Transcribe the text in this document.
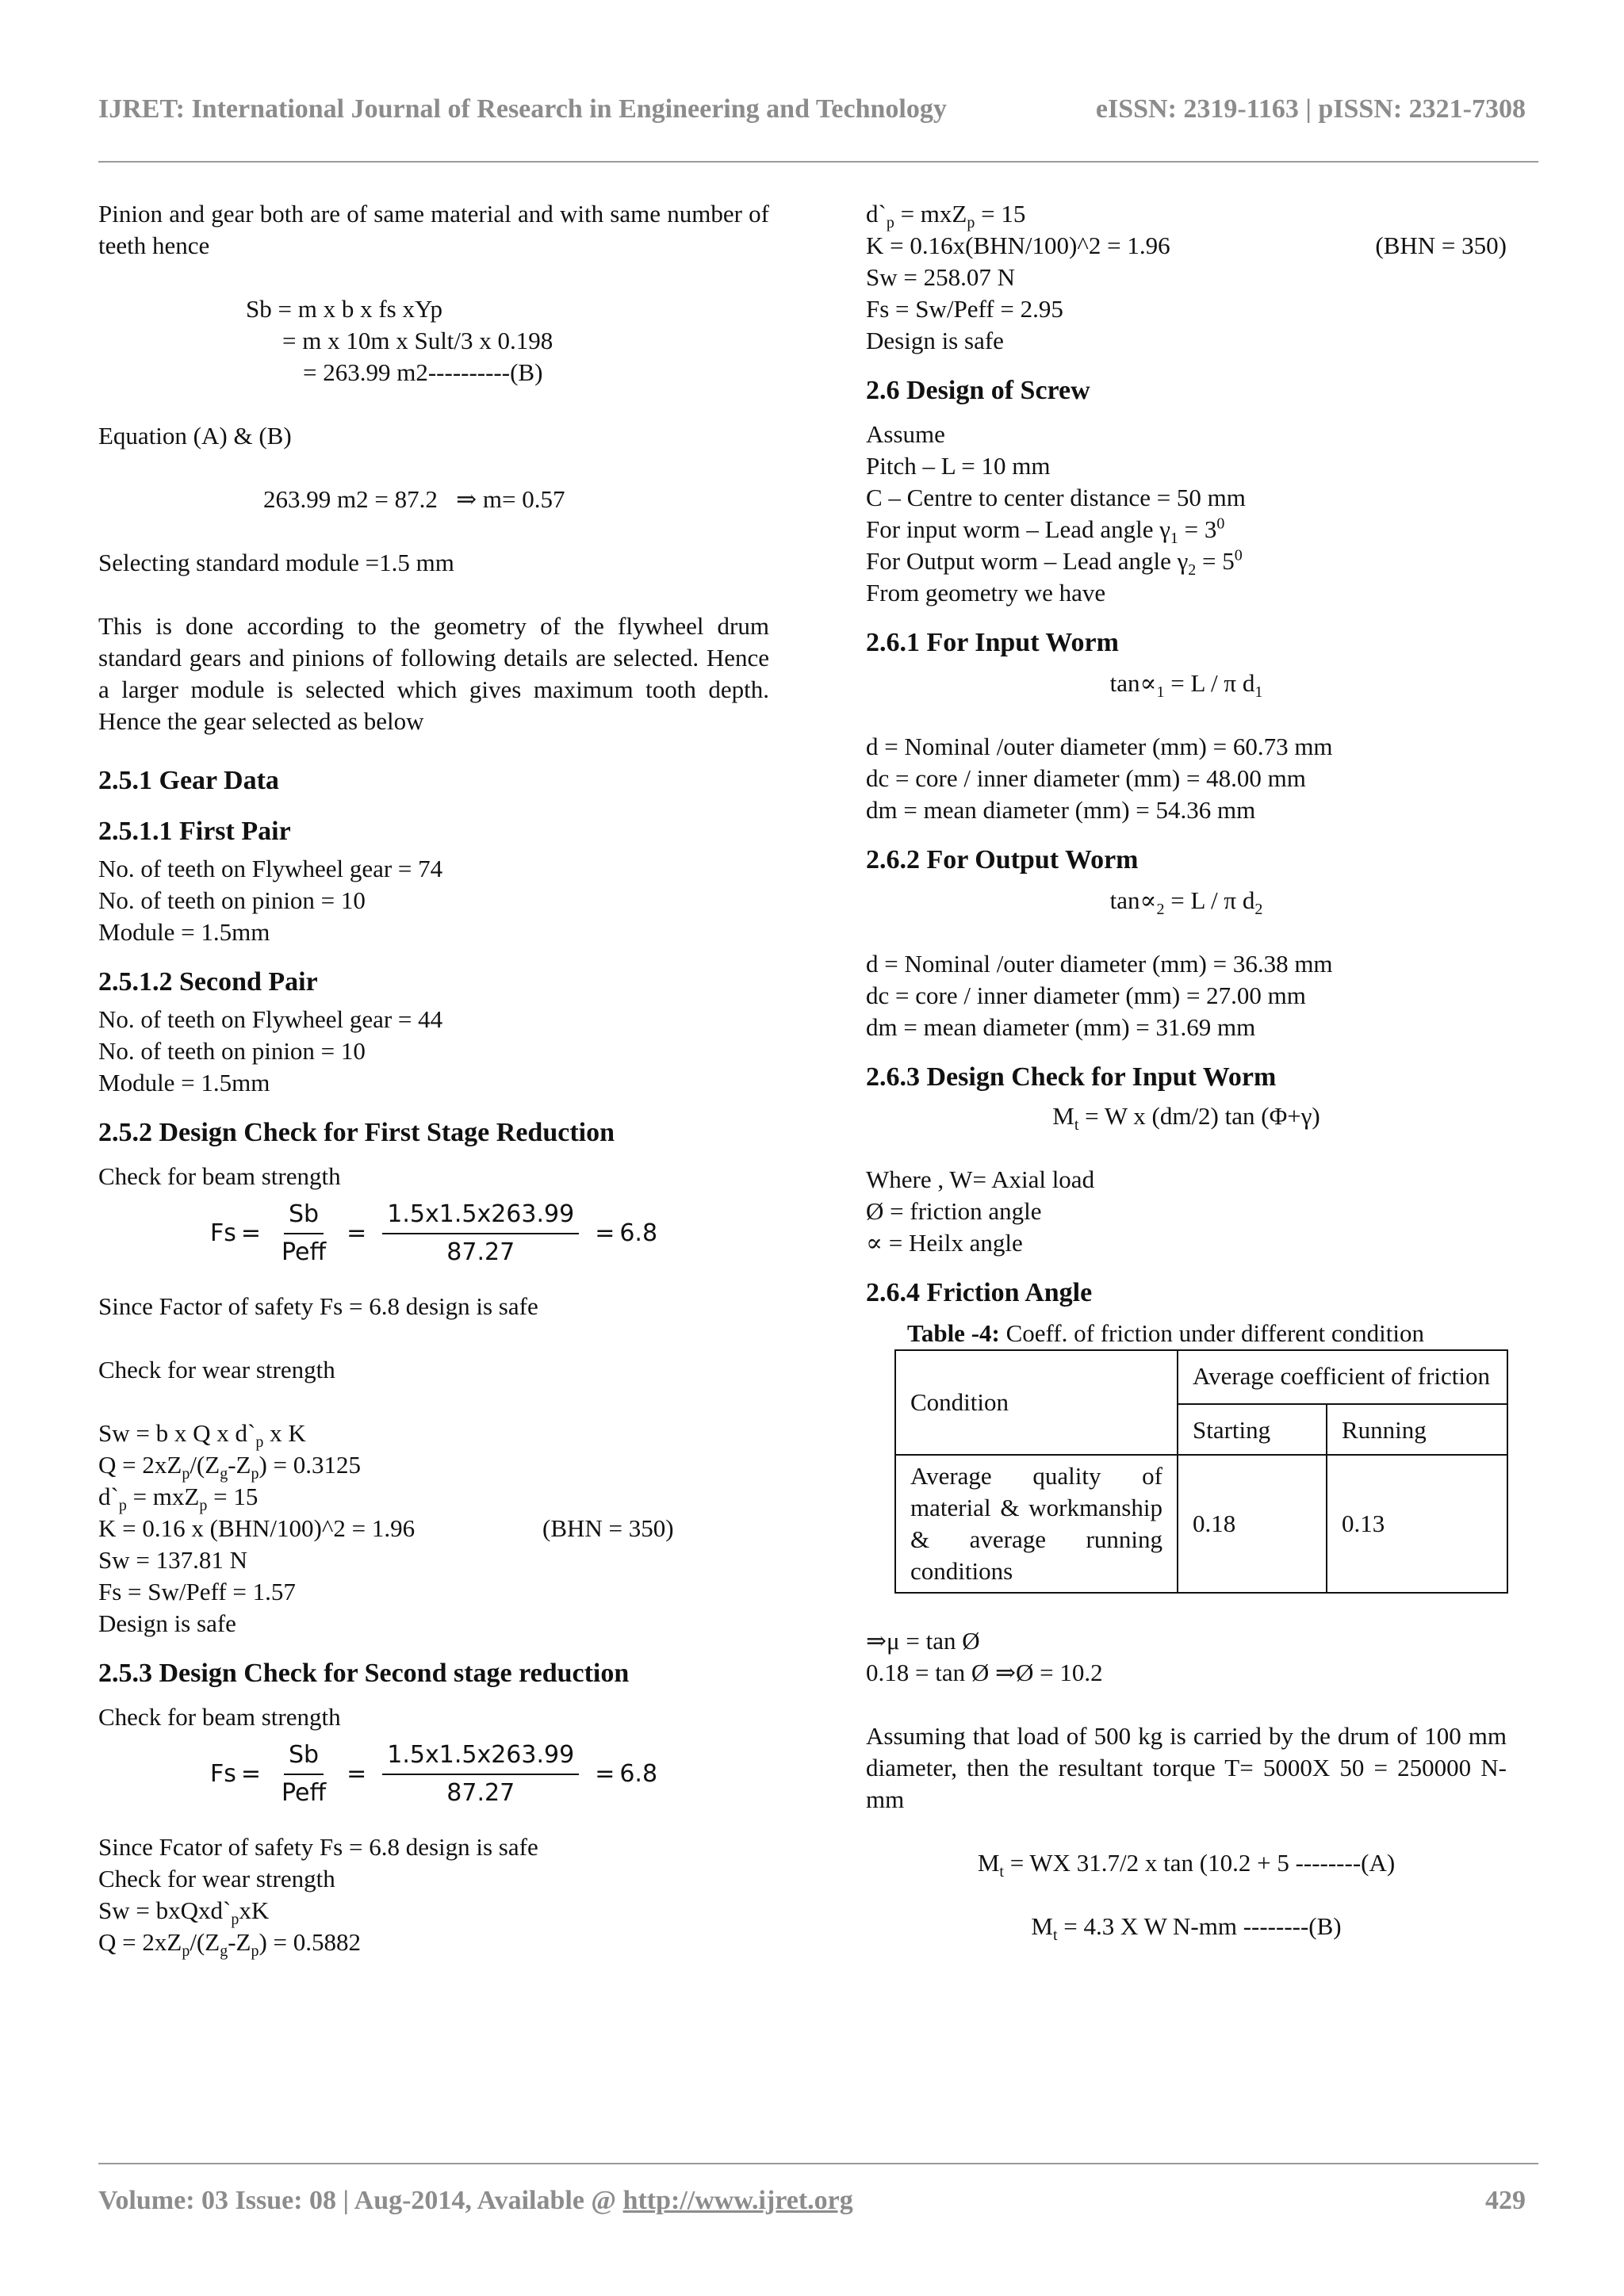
IJRET: International Journal of Research in Engineering and Technology	eISSN: 2319-1163 | pISSN: 2321-7308

Pinion and gear both are of same material and with same number of teeth hence

Sb = m x b x fs xYp

= m x 10m x Sult/3 x 0.198

= 263.99 m2----------(B)

Equation (A) & (B)

263.99 m2 = 87.2 ⇒ m= 0.57

Selecting standard module =1.5 mm

This is done according to the geometry of the flywheel drum standard gears and pinions of following details are selected. Hence a larger module is selected which gives maximum tooth depth. Hence the gear selected as below

2.5.1 Gear Data

2.5.1.1 First Pair

No. of teeth on Flywheel gear = 74

No. of teeth on pinion = 10

Module = 1.5mm

2.5.1.2 Second Pair

No. of teeth on Flywheel gear = 44

No. of teeth on pinion = 10

Module = 1.5mm

2.5.2 Design Check for First Stage Reduction

Check for beam strength

$Fs = \frac{Sb}{\text{Peff}} = \frac{1.5x1.5x263.99}{87.27} = 6.8$

Since Factor of safety Fs = 6.8 design is safe

Check for wear strength

Sw = b x Q x $d`_p$ x K

$Q = 2xZ_p/(Z_g-Z_p) = 0.3125$

$d`_p = mxZ_p = 15$

K = 0.16 x (BHN/100)^2 = 1.96	(BHN = 350)

Sw = 137.81 N

Fs = Sw/Peff = 1.57

Design is safe

2.5.3 Design Check for Second stage reduction

Check for beam strength

$Fs = \frac{Sb}{\text{Peff}} = \frac{1.5x1.5x263.99}{87.27} = 6.8$

Since Fcator of safety Fs = 6.8 design is safe

Check for wear strength

$Sw = bxQxd`_pxK$

$Q = 2xZ_p/(Z_g-Z_p) = 0.5882$

$d`_p = mxZ_p = 15$

K = 0.16x(BHN/100)^2 = 1.96	(BHN = 350)

Sw = 258.07 N

Fs = Sw/Peff = 2.95

Design is safe

2.6 Design of Screw

Assume

Pitch – L = 10 mm

C – Centre to center distance = 50 mm

For input worm – Lead angle $\gamma_1 = 3^0$

For Output worm – Lead angle $\gamma_2 = 5^0$

From geometry we have

2.6.1 For Input Worm

$\tan\propto_1 = L / \pi$ $d_1$

d = Nominal /outer diameter (mm) = 60.73 mm

dc = core / inner diameter (mm) = 48.00 mm

dm = mean diameter (mm) = 54.36 mm

2.6.2 For Output Worm

$\tan\propto_2 = L / \pi$ $d_2$

d = Nominal /outer diameter (mm) = 36.38 mm

dc = core / inner diameter (mm) = 27.00 mm

dm = mean diameter (mm) = 31.69 mm

2.6.3 Design Check for Input Worm

$M_t = W$ x (dm/2) tan (Φ+γ)

Where , W= Axial load

Ø = friction angle

∝ = Heilx angle

2.6.4 Friction Angle

Table -4: Coeff. of friction under different condition

Condition	Average coefficient of friction	
	Starting	Running
Average quality of material & workmanship & average running conditions	0.18	0.13

⇒μ = tan Ø

0.18 = tan Ø ⇒Ø = 10.2

Assuming that load of 500 kg is carried by the drum of 100 mm diameter, then the resultant torque T= 5000X 50 = 250000 N-mm

$M_t$ = WX 31.7/2 x tan (10.2 + 5 --------(A)

$M_t = 4.3$ X W N-mm --------(B)

Volume: 03 Issue: 08 | Aug-2014, Available @ http://www.ijret.org	429
